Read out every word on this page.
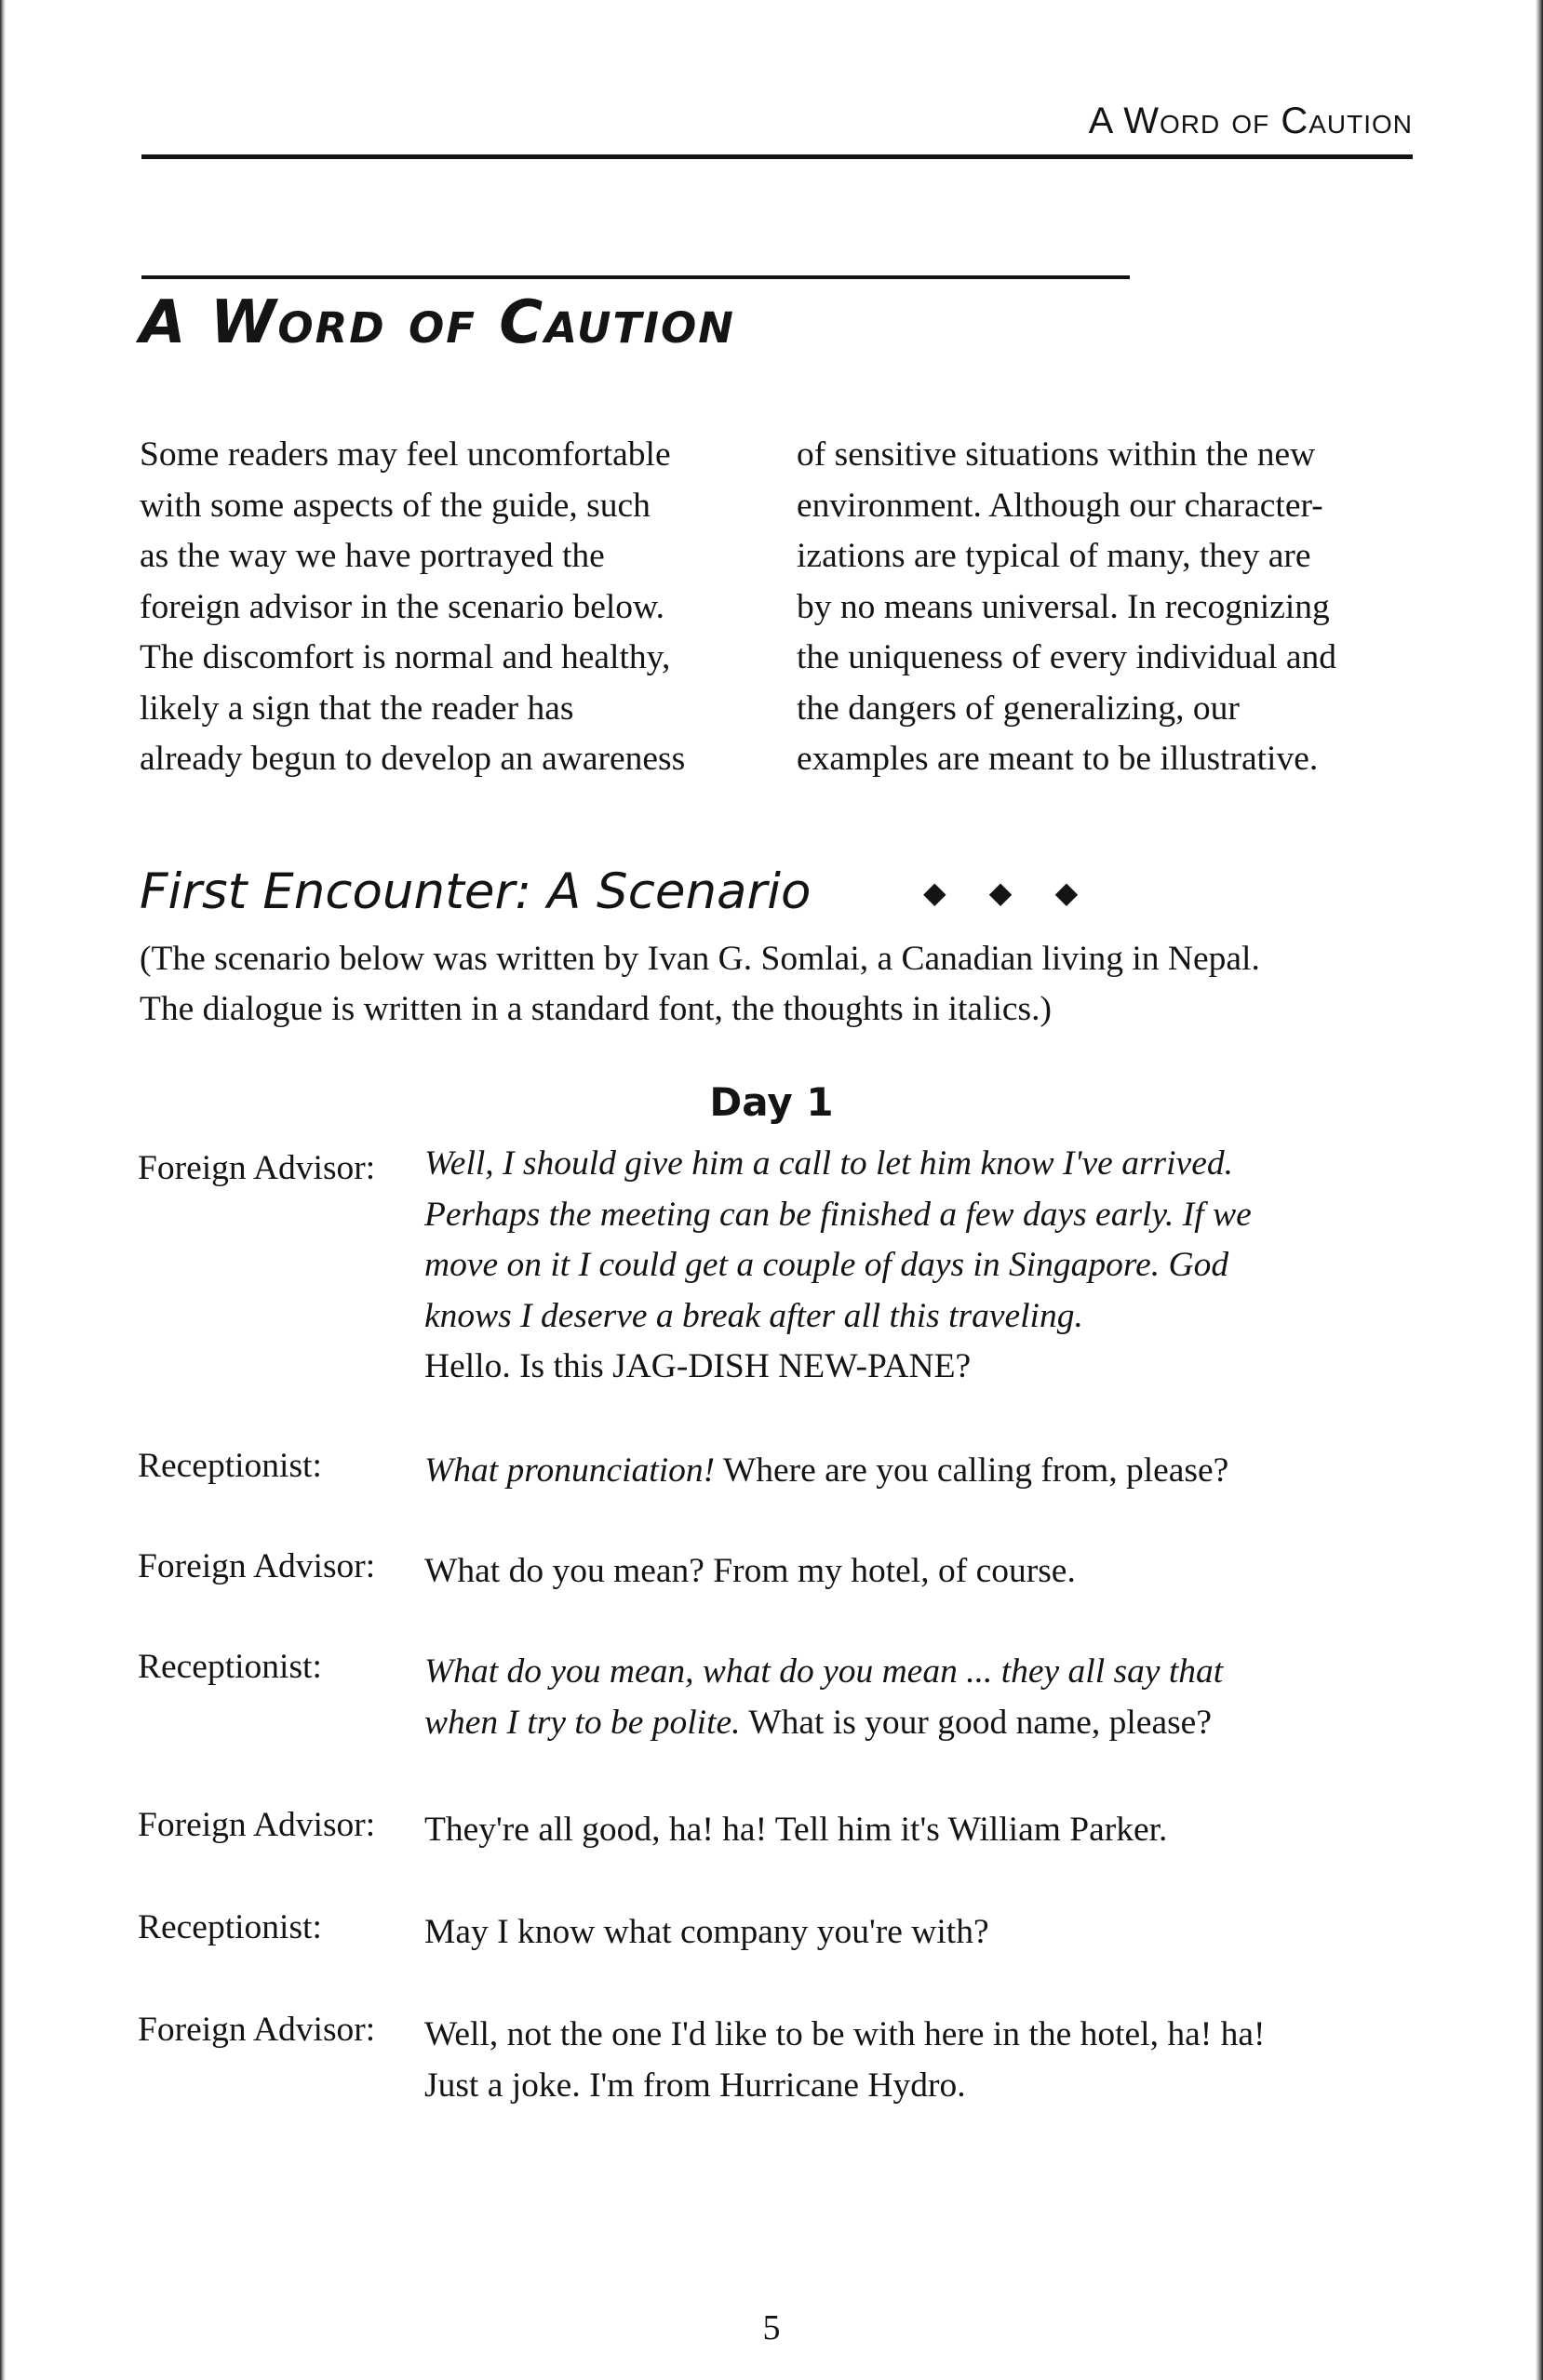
A Word of Caution
A Word of Caution
Some readers may feel uncomfortable
with some aspects of the guide, such
as the way we have portrayed the
foreign advisor in the scenario below.
The discomfort is normal and healthy,
likely a sign that the reader has
already begun to develop an awareness
of sensitive situations within the new
environment. Although our character-
izations are typical of many, they are
by no means universal. In recognizing
the uniqueness of every individual and
the dangers of generalizing, our
examples are meant to be illustrative.
First Encounter: A Scenario	◆ ◆ ◆
(The scenario below was written by Ivan G. Somlai, a Canadian living in Nepal.
The dialogue is written in a standard font, the thoughts in italics.)
Day 1
Foreign Advisor: Well, I should give him a call to let him know I've arrived.
Perhaps the meeting can be finished a few days early. If we
move on it I could get a couple of days in Singapore. God
knows I deserve a break after all this traveling.
Hello. Is this JAG-DISH NEW-PANE?
Receptionist:	What pronunciation! Where are you calling from, please?
Foreign Advisor: What do you mean? From my hotel, of course.
Receptionist:	What do you mean, what do you mean ... they all say that
when I try to be polite. What is your good name, please?
Foreign Advisor: They're all good, ha! ha! Tell him it's William Parker.
Receptionist:	May I know what company you're with?
Foreign Advisor: Well, not the one I'd like to be with here in the hotel, ha! ha!
Just a joke. I'm from Hurricane Hydro.
5
